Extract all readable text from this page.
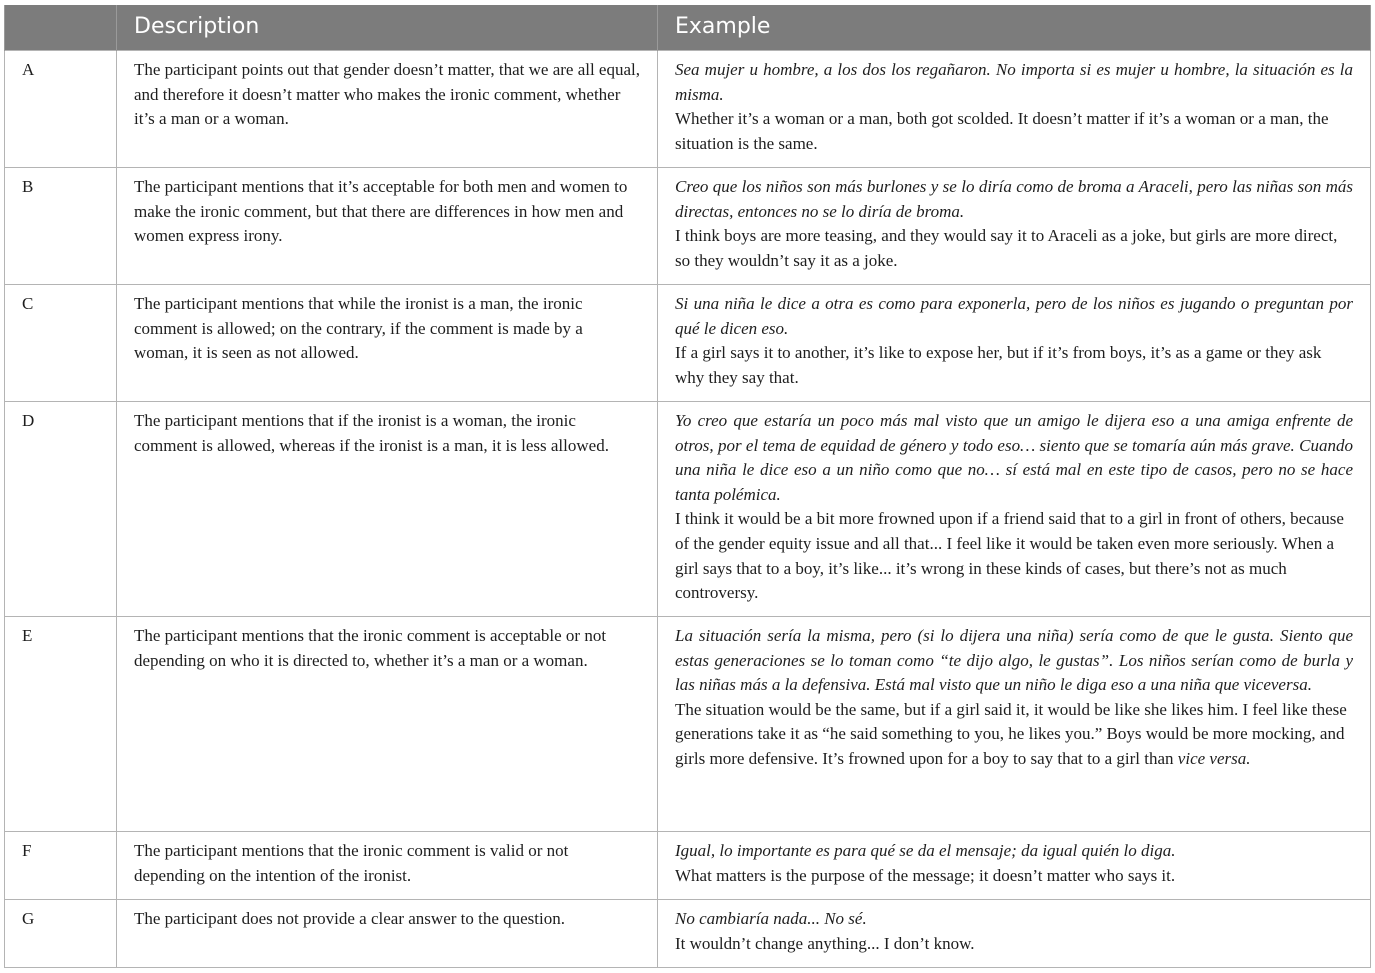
	Description	Example
A	The participant points out that gender doesn’t matter, that we are all equal, and therefore it doesn’t matter who makes the ironic comment, whether it’s a man or a woman.	Sea mujer u hombre, a los dos los regañaron. No importa si es mujer u hombre, la situación es la misma.

Whether it’s a woman or a man, both got scolded. It doesn’t matter if it’s a woman or a man, the situation is the same.

B	The participant mentions that it’s acceptable for both men and women to make the ironic comment, but that there are differences in how men and women express irony.	Creo que los niños son más burlones y se lo diría como de broma a Araceli, pero las niñas son más directas, entonces no se lo diría de broma.

I think boys are more teasing, and they would say it to Araceli as a joke, but girls are more direct, so they wouldn’t say it as a joke.

C	The participant mentions that while the ironist is a man, the ironic comment is allowed; on the contrary, if the comment is made by a woman, it is seen as not allowed.	Si una niña le dice a otra es como para exponerla, pero de los niños es jugando o preguntan por qué le dicen eso.

If a girl says it to another, it’s like to expose her, but if it’s from boys, it’s as a game or they ask why they say that.

D	The participant mentions that if the ironist is a woman, the ironic comment is allowed, whereas if the ironist is a man, it is less allowed.	Yo creo que estaría un poco más mal visto que un amigo le dijera eso a una amiga enfrente de otros, por el tema de equidad de género y todo eso… siento que se tomaría aún más grave. Cuando una niña le dice eso a un niño como que no… sí está mal en este tipo de casos, pero no se hace tanta polémica.

I think it would be a bit more frowned upon if a friend said that to a girl in front of others, because of the gender equity issue and all that... I feel like it would be taken even more seriously. When a girl says that to a boy, it’s like... it’s wrong in these kinds of cases, but there’s not as much controversy.

E	The participant mentions that the ironic comment is acceptable or not depending on who it is directed to, whether it’s a man or a woman.	La situación sería la misma, pero (si lo dijera una niña) sería como de que le gusta. Siento que estas generaciones se lo toman como “te dijo algo, le gustas”. Los niños serían como de burla y las niñas más a la defensiva. Está mal visto que un niño le diga eso a una niña que viceversa.

The situation would be the same, but if a girl said it, it would be like she likes him. I feel like these generations take it as “he said something to you, he likes you.” Boys would be more mocking, and girls more defensive. It’s frowned upon for a boy to say that to a girl than vice versa.

F	The participant mentions that the ironic comment is valid or not depending on the intention of the ironist.	Igual, lo importante es para qué se da el mensaje; da igual quién lo diga.

What matters is the purpose of the message; it doesn’t matter who says it.

G	The participant does not provide a clear answer to the question.	No cambiaría nada... No sé.

It wouldn’t change anything... I don’t know.
